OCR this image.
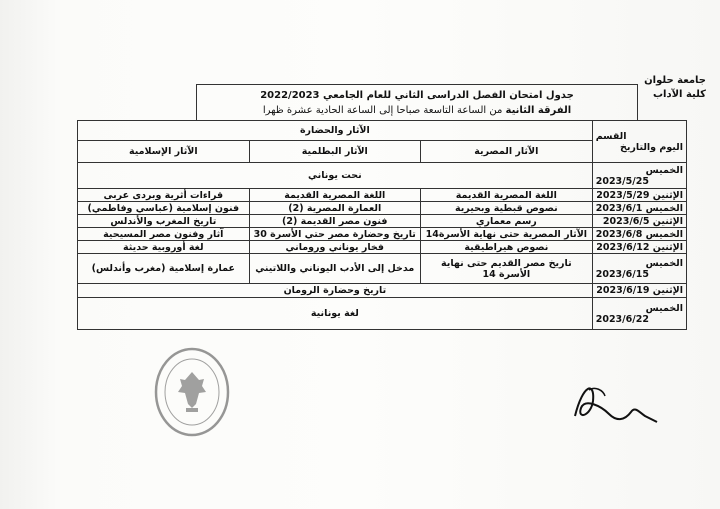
جامعة حلوان
كلية الآداب
جدول امتحان الفصل الدراسى الثاني للعام الجامعي 2022/2023
الفرقة الثانية من الساعة التاسعة صباحا إلى الساعة الحادية عشرة ظهرا
القسم
اليوم والتاريخ	الآثار والحضارة		
	الآثار المصرية	الآثار البطلمية	الآثار الإسلامية

الخميس
2023/5/25	نحت يوناني		
الإثنين 2023/5/29	اللغة المصرية القديمة	اللغة المصرية القديمة	قراءات أثرية وبردى عربى
الخميس 2023/6/1	نصوص قبطية وبحيرية	العمارة المصرية (2)	فنون إسلامية (عباسي وفاطمي)
الإثنين 2023/6/5	رسم معماري	فنون مصر القديمة (2)	تاريخ المغرب والأندلس
الخميس 2023/6/8	الآثار المصرية حتى نهاية الأسرة14	تاريخ وحضارة مصر حتي الأسرة 30	آثار وفنون مصر المسيحية
الإثنين 2023/6/12	نصوص هيراطيقية	فخار يوناني وروماني	لغة أوروبية حديثة

الخميس
2023/6/15	تاريخ مصر القديم حتى نهاية الأسرة 14	مدخل إلى الأدب اليوناني واللاتيني	عمارة إسلامية (مغرب وأندلس)
الإثنين 2023/6/19	تاريخ وحضارة الرومان		

الخميس
2023/6/22	لغة يونانية		
